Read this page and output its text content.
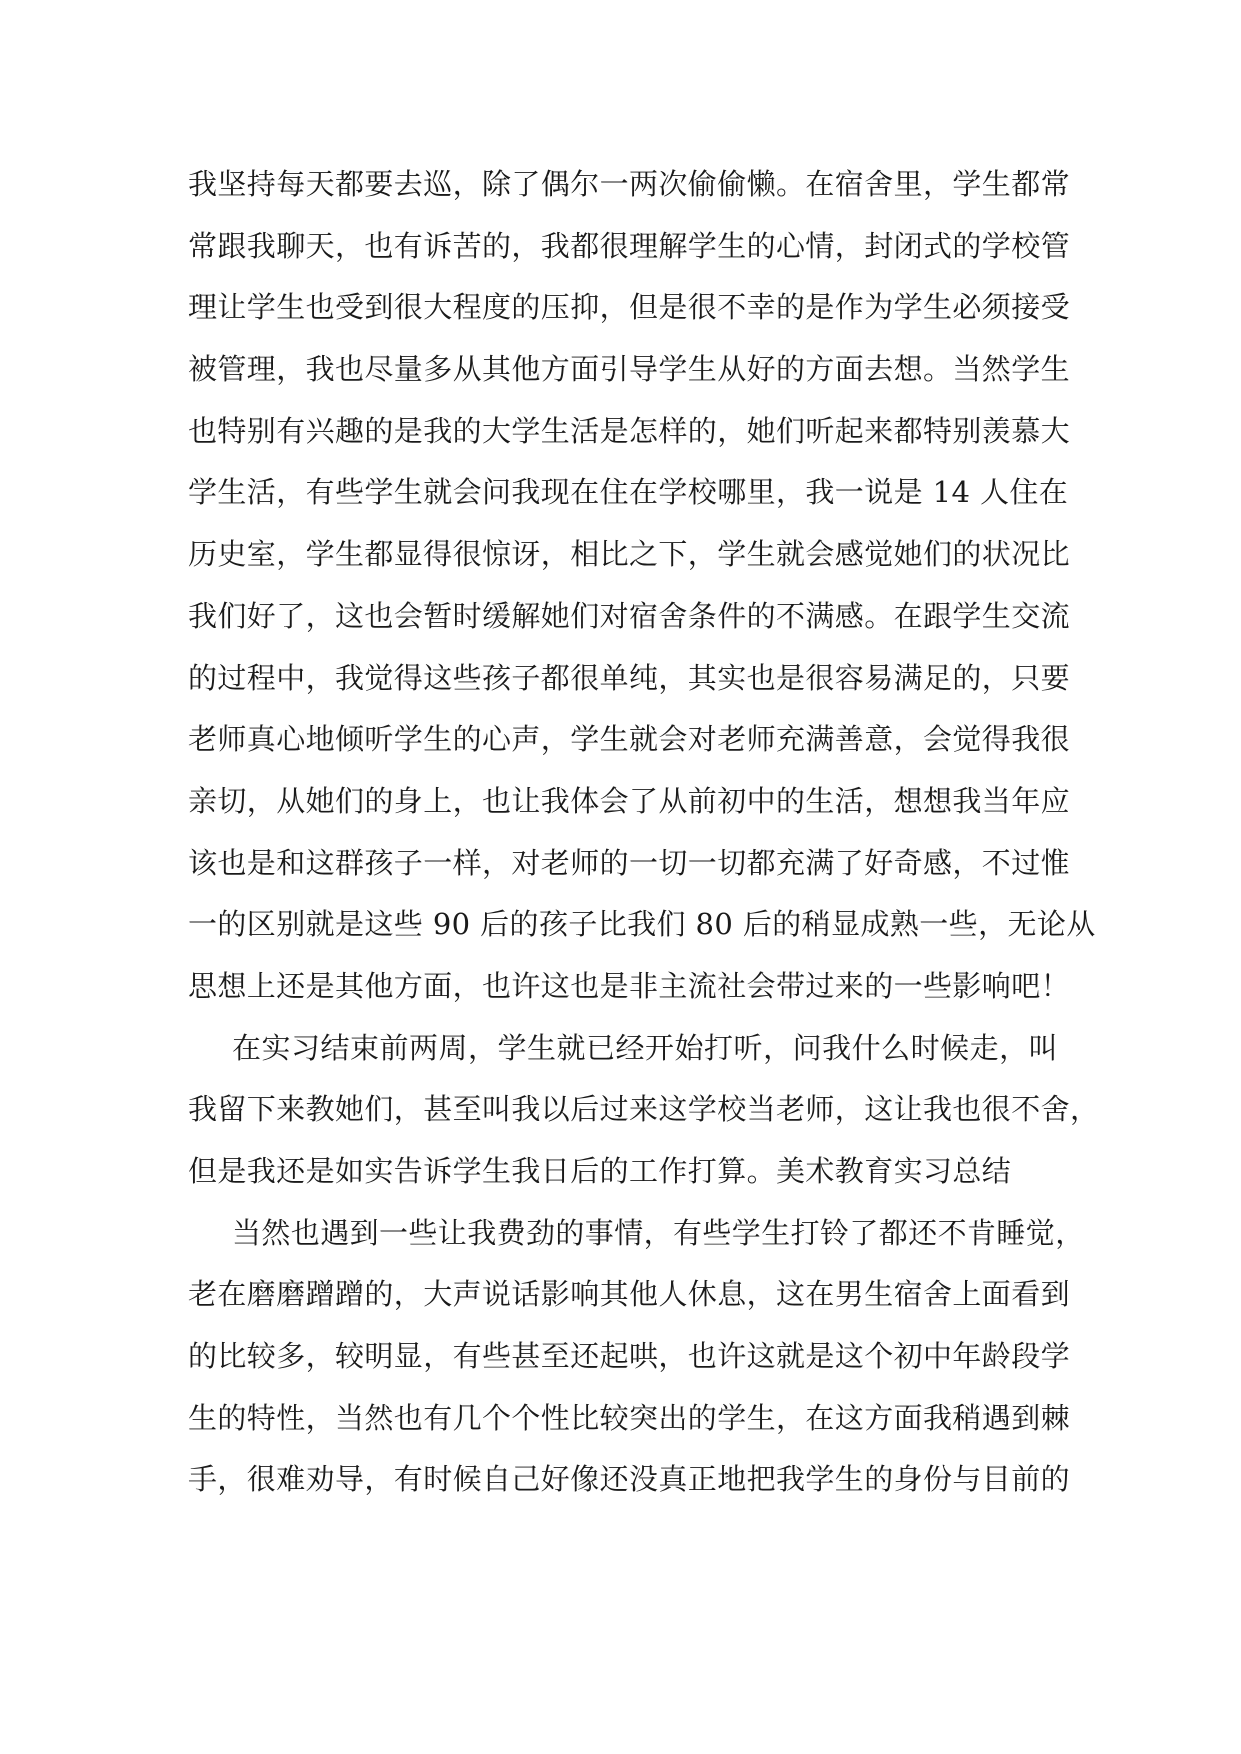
我坚持每天都要去巡，除了偶尔一两次偷偷懒。在宿舍里，学生都常
常跟我聊天，也有诉苦的，我都很理解学生的心情，封闭式的学校管
理让学生也受到很大程度的压抑，但是很不幸的是作为学生必须接受
被管理，我也尽量多从其他方面引导学生从好的方面去想。当然学生
也特别有兴趣的是我的大学生活是怎样的，她们听起来都特别羡慕大
学生活，有些学生就会问我现在住在学校哪里，我一说是 14 人住在
历史室，学生都显得很惊讶，相比之下，学生就会感觉她们的状况比
我们好了，这也会暂时缓解她们对宿舍条件的不满感。在跟学生交流
的过程中，我觉得这些孩子都很单纯，其实也是很容易满足的，只要
老师真心地倾听学生的心声，学生就会对老师充满善意，会觉得我很
亲切，从她们的身上，也让我体会了从前初中的生活，想想我当年应
该也是和这群孩子一样，对老师的一切一切都充满了好奇感，不过惟
一的区别就是这些 90 后的孩子比我们 80 后的稍显成熟一些，无论从
思想上还是其他方面，也许这也是非主流社会带过来的一些影响吧！
在实习结束前两周，学生就已经开始打听，问我什么时候走，叫
我留下来教她们，甚至叫我以后过来这学校当老师，这让我也很不舍，
但是我还是如实告诉学生我日后的工作打算。美术教育实习总结
当然也遇到一些让我费劲的事情，有些学生打铃了都还不肯睡觉，
老在磨磨蹭蹭的，大声说话影响其他人休息，这在男生宿舍上面看到
的比较多，较明显，有些甚至还起哄，也许这就是这个初中年龄段学
生的特性，当然也有几个个性比较突出的学生，在这方面我稍遇到棘
手，很难劝导，有时候自己好像还没真正地把我学生的身份与目前的
